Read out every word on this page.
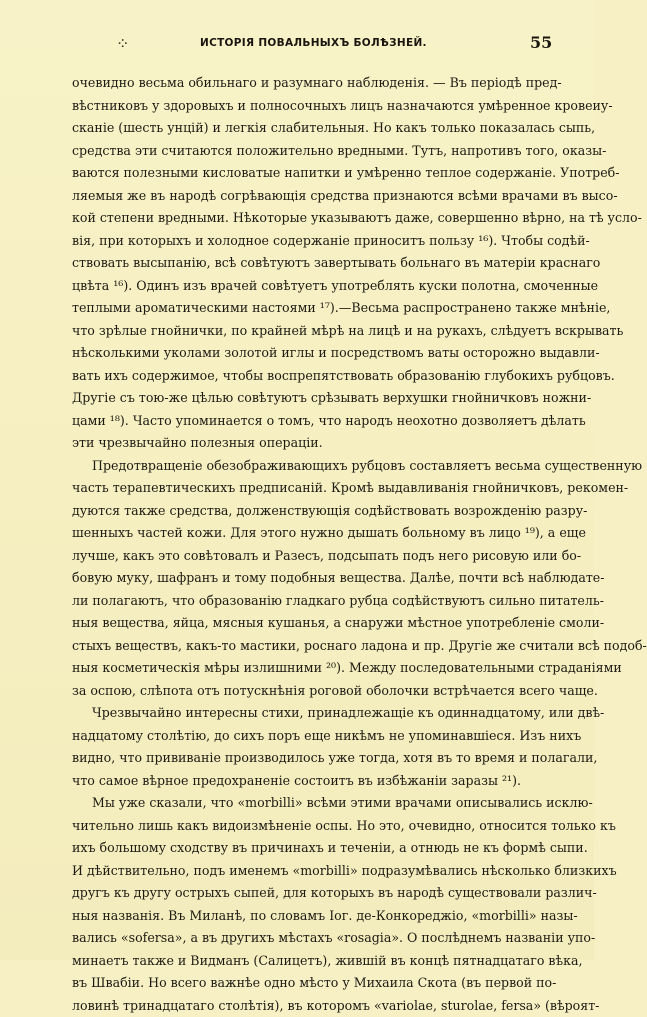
⁘	ИСТОРІЯ ПОВАЛЬНЫХЪ БОЛѢЗНЕЙ.	55
очевидно весьма обильнаго и разумнаго наблюденія. — Въ періодѣ пред-
вѣстниковъ у здоровыхъ и полносочныхъ лицъ назначаются умѣренное кровеиу-
сканіе (шесть унцій) и легкія слабительныя. Но какъ только показалась сыпь,
средства эти считаются положительно вредными. Тутъ, напротивъ того, оказы-
ваются полезными кисловатые напитки и умѣренно теплое содержаніе. Употреб-
ляемыя же въ народѣ согрѣвающія средства признаются всѣми врачами въ высо-
кой степени вредными. Нѣкоторые указываютъ даже, совершенно вѣрно, на тѣ усло-
вія, при которыхъ и холодное содержаніе приноситъ пользу ¹⁶). Чтобы содѣй-
ствовать высыпанію, всѣ совѣтуютъ завертывать больнаго въ матеріи краснаго
цвѣта ¹⁶). Одинъ изъ врачей совѣтуетъ употреблять куски полотна, смоченные
теплыми ароматическими настоями ¹⁷).—Весьма распространено также мнѣніе,
что зрѣлые гнойнички, по крайней мѣрѣ на лицѣ и на рукахъ, слѣдуетъ вскрывать
нѣсколькими уколами золотой иглы и посредствомъ ваты осторожно выдавли-
вать ихъ содержимое, чтобы воспрепятствовать образованію глубокихъ рубцовъ.
Другіе съ тою-же цѣлью совѣтуютъ срѣзывать верхушки гнойничковъ ножни-
цами ¹⁸). Часто упоминается о томъ, что народъ неохотно дозволяетъ дѣлать
эти чрезвычайно полезныя операціи.
Предотвращеніе обезображивающихъ рубцовъ составляетъ весьма существенную
часть терапевтическихъ предписаній. Кромѣ выдавливанія гнойничковъ, рекомен-
дуются также средства, долженствующія содѣйствовать возрожденію разру-
шенныхъ частей кожи. Для этого нужно дышать больному въ лицо ¹⁹), а еще
лучше, какъ это совѣтовалъ и Разесъ, подсыпать подъ него рисовую или бо-
бовую муку, шафранъ и тому подобныя вещества. Далѣе, почти всѣ наблюдате-
ли полагаютъ, что образованію гладкаго рубца содѣйствуютъ сильно питатель-
ныя вещества, яйца, мясныя кушанья, а снаружи мѣстное употребленіе смоли-
стыхъ веществъ, какъ-то мастики, роснаго ладона и пр. Другіе же считали всѣ подоб-
ныя косметическія мѣры излишними ²⁰). Между последовательными страданіями
за оспою, слѣпота отъ потускнѣнія роговой оболочки встрѣчается всего чаще.
Чрезвычайно интересны стихи, принадлежащіе къ одиннадцатому, или двѣ-
надцатому столѣтію, до сихъ поръ еще никѣмъ не упоминавшіеся. Изъ нихъ
видно, что прививаніе производилось уже тогда, хотя въ то время и полагали,
что самое вѣрное предохраненіе состоитъ въ избѣжаніи заразы ²¹).
Мы уже сказали, что «morbilli» всѣми этими врачами описывались исклю-
чительно лишь какъ видоизмѣненіе оспы. Но это, очевидно, относится только къ
ихъ большому сходству въ причинахъ и теченіи, а отнюдь не къ формѣ сыпи.
И дѣйствительно, подъ именемъ «morbilli» подразумѣвались нѣсколько близкихъ
другъ къ другу острыхъ сыпей, для которыхъ въ народѣ существовали различ-
ныя названія. Въ Миланѣ, по словамъ Іог. де-Конкореджіо, «morbilli» назы-
вались «sofersa», а въ другихъ мѣстахъ «rosagia». О послѣднемъ названіи упо-
минаетъ также и Видманъ (Салицетъ), жившій въ концѣ пятнадцатаго вѣка,
въ Швабіи. Но всего важнѣе одно мѣсто у Михаила Скота (въ первой по-
ловинѣ тринадцатаго столѣтія), въ которомъ «variolae, sturolae, fersa» (вѣроят-
